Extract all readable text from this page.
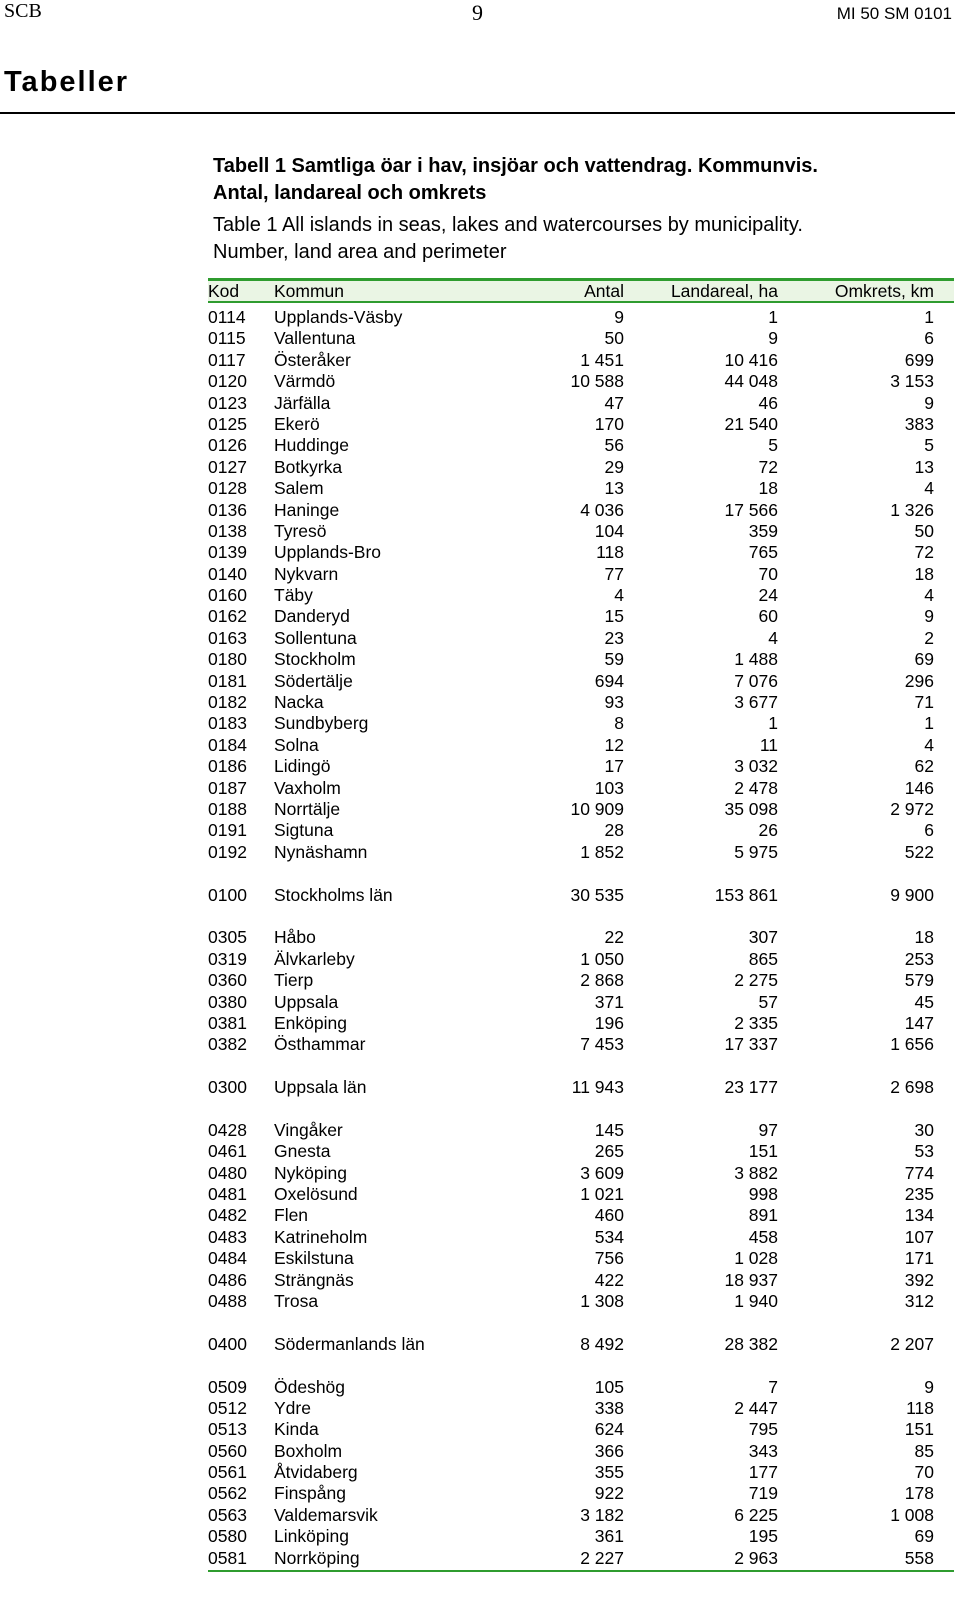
SCB	9	MI 50 SM 0101
Tabeller
Tabell 1 Samtliga öar i hav, insjöar och vattendrag. Kommunvis.
Antal, landareal och omkrets
Table 1 All islands in seas, lakes and watercourses by municipality.
Number, land area and perimeter
Kod Kommun	Antal	Landareal, ha	Omkrets, km
0114 Upplands-Väsby	9	1	1
0115 Vallentuna	50	9	6
0117 Österåker	1 451	10 416	699
0120 Värmdö	10 588	44 048	3 153
0123 Järfälla	47	46	9
0125 Ekerö	170	21 540	383
0126 Huddinge	56	5	5
0127 Botkyrka	29	72	13
0128 Salem	13	18	4
0136 Haninge	4 036	17 566	1 326
0138 Tyresö	104	359	50
0139 Upplands-Bro	118	765	72
0140 Nykvarn	77	70	18
0160 Täby	4	24	4
0162 Danderyd	15	60	9
0163 Sollentuna	23	4	2
0180 Stockholm	59	1 488	69
0181 Södertälje	694	7 076	296
0182 Nacka	93	3 677	71
0183 Sundbyberg	8	1	1
0184 Solna	12	11	4
0186 Lidingö	17	3 032	62
0187 Vaxholm	103	2 478	146
0188 Norrtälje	10 909	35 098	2 972
0191 Sigtuna	28	26	6
0192 Nynäshamn	1 852	5 975	522
0100 Stockholms län	30 535	153 861	9 900
0305 Håbo	22	307	18
0319 Älvkarleby	1 050	865	253
0360 Tierp	2 868	2 275	579
0380 Uppsala	371	57	45
0381 Enköping	196	2 335	147
0382 Östhammar	7 453	17 337	1 656
0300 Uppsala län	11 943	23 177	2 698
0428 Vingåker	145	97	30
0461 Gnesta	265	151	53
0480 Nyköping	3 609	3 882	774
0481 Oxelösund	1 021	998	235
0482 Flen	460	891	134
0483 Katrineholm	534	458	107
0484 Eskilstuna	756	1 028	171
0486 Strängnäs	422	18 937	392
0488 Trosa	1 308	1 940	312
0400 Södermanlands län	8 492	28 382	2 207
0509 Ödeshög	105	7	9
0512 Ydre	338	2 447	118
0513 Kinda	624	795	151
0560 Boxholm	366	343	85
0561 Åtvidaberg	355	177	70
0562 Finspång	922	719	178
0563 Valdemarsvik	3 182	6 225	1 008
0580 Linköping	361	195	69
0581 Norrköping	2 227	2 963	558
